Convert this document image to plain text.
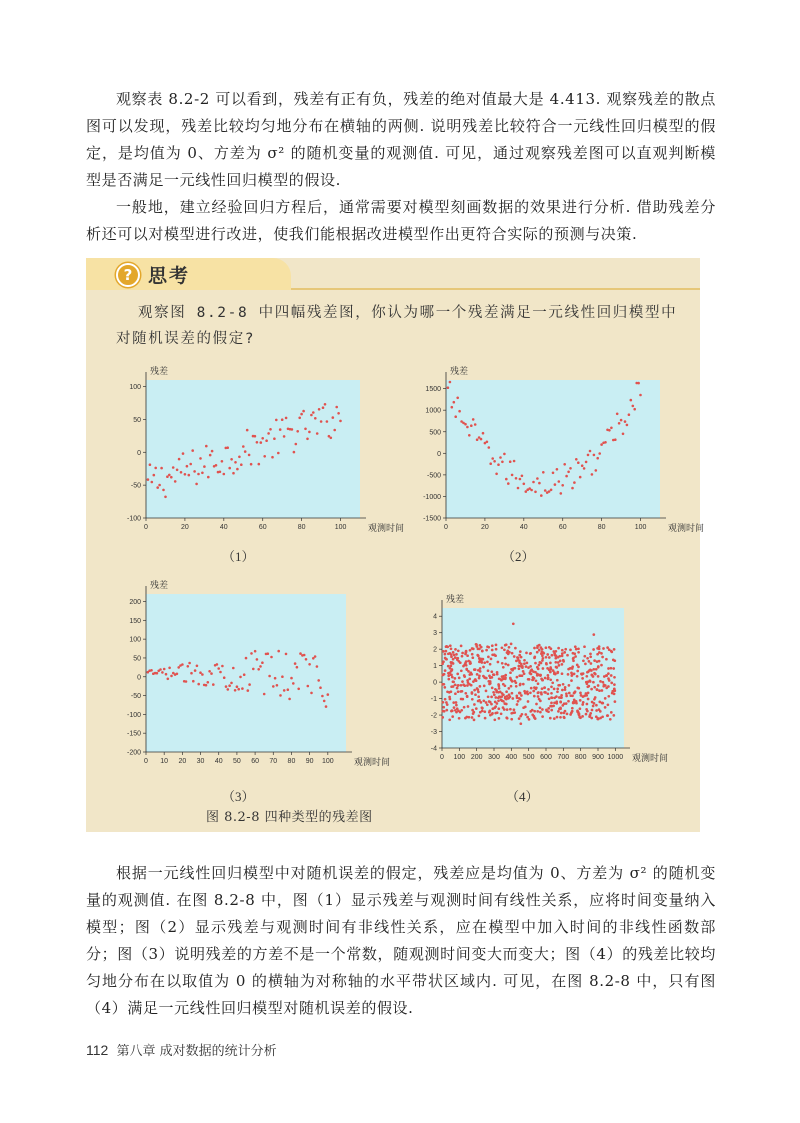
观察表 8.2-2 可以看到，残差有正有负，残差的绝对值最大是 4.413. 观察残差的散点图可以发现，残差比较均匀地分布在横轴的两侧. 说明残差比较符合一元线性回归模型的假定，是均值为 0、方差为 σ² 的随机变量的观测值. 可见，通过观察残差图可以直观判断模型是否满足一元线性回归模型的假设.

一般地，建立经验回归方程后，通常需要对模型刻画数据的效果进行分析. 借助残差分析还可以对模型进行改进，使我们能根据改进模型作出更符合实际的预测与决策.

? 思考

观察图 8.2-8 中四幅残差图，你认为哪一个残差满足一元线性回归模型中对随机误差的假定?

-100
-50
0
50
100
0	20	40	60	80	100
残差
观测时间
（1）
-1500
-1000
-500
0
500
1000
1500
0	20	40	60	80	100
残差
观测时间
（2）
-200
-150
-100
-50
0
50
100
150
200
0 10 20 30 40 50 60 70 80 90 100
残差
观测时间
（3）
-4
-3
-2
-1
0
1
2
3
4
0 100 200 300 400 500 600 700 800 900 1000
残差
观测时间
（4）
图 8.2-8 四种类型的残差图

根据一元线性回归模型中对随机误差的假定，残差应是均值为 0、方差为 σ² 的随机变量的观测值. 在图 8.2-8 中，图（1）显示残差与观测时间有线性关系，应将时间变量纳入模型；图（2）显示残差与观测时间有非线性关系，应在模型中加入时间的非线性函数部分；图（3）说明残差的方差不是一个常数，随观测时间变大而变大；图（4）的残差比较均匀地分布在以取值为 0 的横轴为对称轴的水平带状区域内. 可见，在图 8.2-8 中，只有图（4）满足一元线性回归模型对随机误差的假设.

112 第八章 成对数据的统计分析
